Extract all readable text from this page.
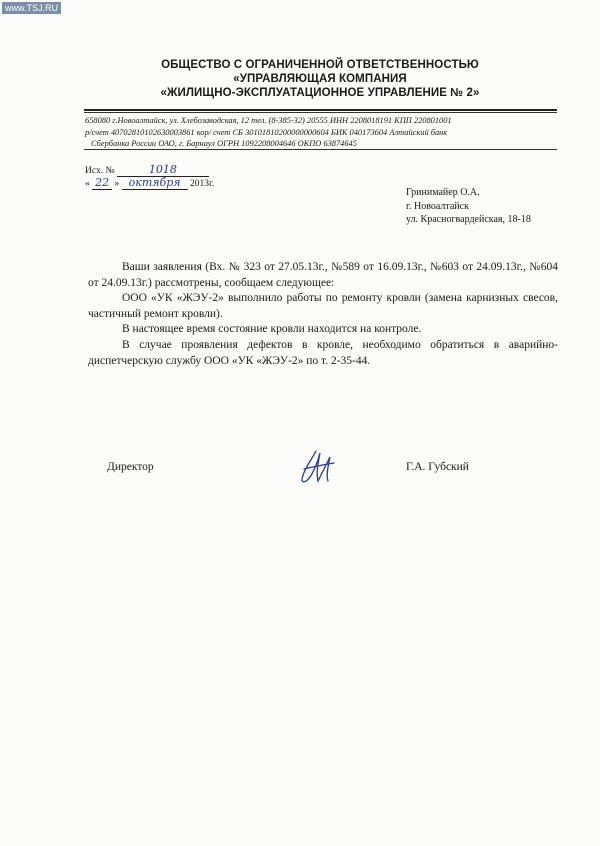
www.TSJ.RU
ОБЩЕСТВО С ОГРАНИЧЕННОЙ ОТВЕТСТВЕННОСТЬЮ
«УПРАВЛЯЮЩАЯ КОМПАНИЯ
«ЖИЛИЩНО-ЭКСПЛУАТАЦИОННОЕ УПРАВЛЕНИЕ № 2»
658080 г.Новоалтайск, ул. Хлебозаводская, 12 тел. (8-385-32) 20555 ИНН 2208018191 КПП 220801001
р/счет 40702810102630003861 кор/ счет СБ 30101810200000000604 БИК 040173604 Алтайский банк
Сбербанка России ОАО, г. Барнаул ОГРН 1092208004646 ОКПО 63874645
Исх. №	1018
« 22 » октября 2013г.
Гринимайер О.А.
г. Новоалтайск
ул. Красногвардейская, 18-18

Ваши заявления (Вх. № 323 от 27.05.13г., №589 от 16.09.13г., №603 от 24.09.13г., №604 от 24.09.13г.) рассмотрены, сообщаем следующее:

ООО «УК «ЖЭУ-2» выполнило работы по ремонту кровли (замена карнизных свесов, частичный ремонт кровли).

В настоящее время состояние кровли находится на контроле.

В случае проявления дефектов в кровле, необходимо обратиться в аварийно-диспетчерскую службу ООО «УК «ЖЭУ-2» по т. 2-35-44.

Директор	Г.А. Губский
